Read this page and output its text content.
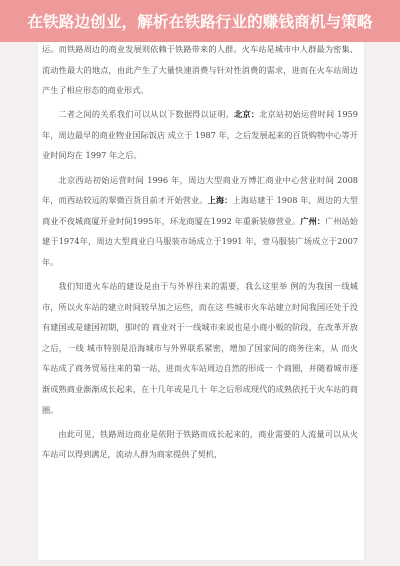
在铁路边创业，解析在铁路行业的赚钱商机与策略

运。而铁路周边的商业发展则依赖于铁路带来的人群。火车站是城市中人群最为密集、流动性最大的地点，由此产生了大量快速消费与针对性消费的需求，进而在火车站周边产生了相应形态的商业形式。

二者之间的关系我们可以从以下数据得以证明。北京：北京站初始运营时间 1959 年，周边最早的商业物业国际饭店 成立于 1987 年，之后发展起来的百货购物中心等开业时间均在 1997 年之后。

北京西站初始运营时间 1996 年，周边大型商业万博汇商业中心营业时间 2008年，而西站较远的翠微百货目前才开始营业。上海：上海站建于 1908 年，周边的大型商业不夜城商厦开业时间1995年，环龙商厦在1992 年重新装修营业。广州：广州站始建于1974年，周边大型商业白马服装市场成立于1991 年，壹马服装广场成立于2007年。

我们知道火车站的建设是由于与外界往来的需要，我么这里举 例的为我国一线城市，所以火车站的建立时间较早加之运些，而在这 些城市火车站建立时间我国还处于没有建国或是建国初期，那时的 商业对于一线城市来说也是小商小贩的阶段，在改革开放之后，一线 城市特别是沿海城市与外界联系紧密，增加了国家间的商务往来，从 而火车站成了商务贸易往来的第一站，进而火车站周边自然的形成一 个商圈，并随着城市逐渐成熟商业渐渐成长起来，在十几年或是几十 年之后形成现代的成熟依托于火车站的商圈。

由此可见，铁路周边商业是依附于铁路而成长起来的，商业需要的人流量可以从火车站可以得到满足，流动人群为商家提供了契机，
